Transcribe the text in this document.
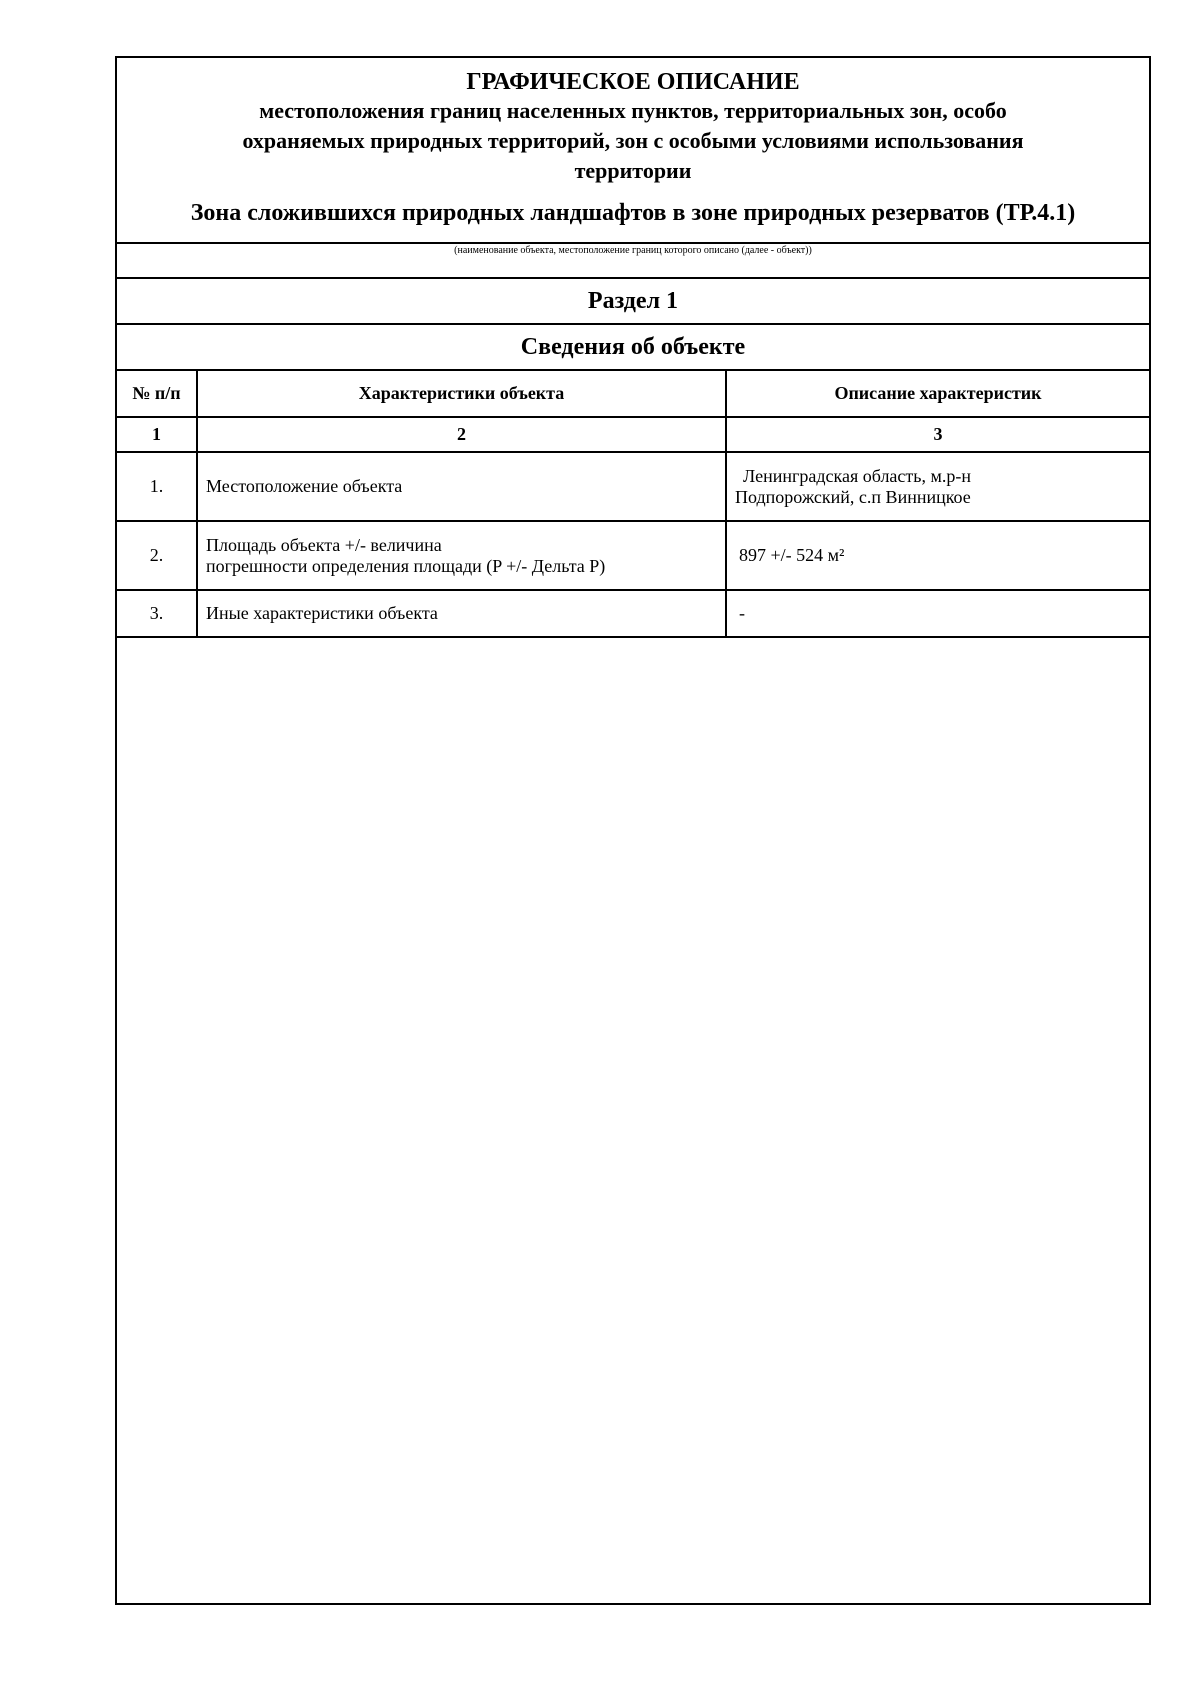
ГРАФИЧЕСКОЕ ОПИСАНИЕ
местоположения границ населенных пунктов, территориальных зон, особо
охраняемых природных территорий, зон с особыми условиями использования
территории
Зона сложившихся природных ландшафтов в зоне природных резерватов (ТР.4.1)
(наименование объекта, местоположение границ которого описано (далее - объект))
Раздел 1
Сведения об объекте
№ п/п	Характеристики объекта	Описание характеристик
1	2	3
1.	Местоположение объекта	Ленинградская область, м.р-н
Подпорожский, с.п Винницкое

2.	Площадь объекта +/- величина
погрешности определения площади (P +/- Дельта P)	897 +/- 524 м²

3.	Иные характеристики объекта	-
